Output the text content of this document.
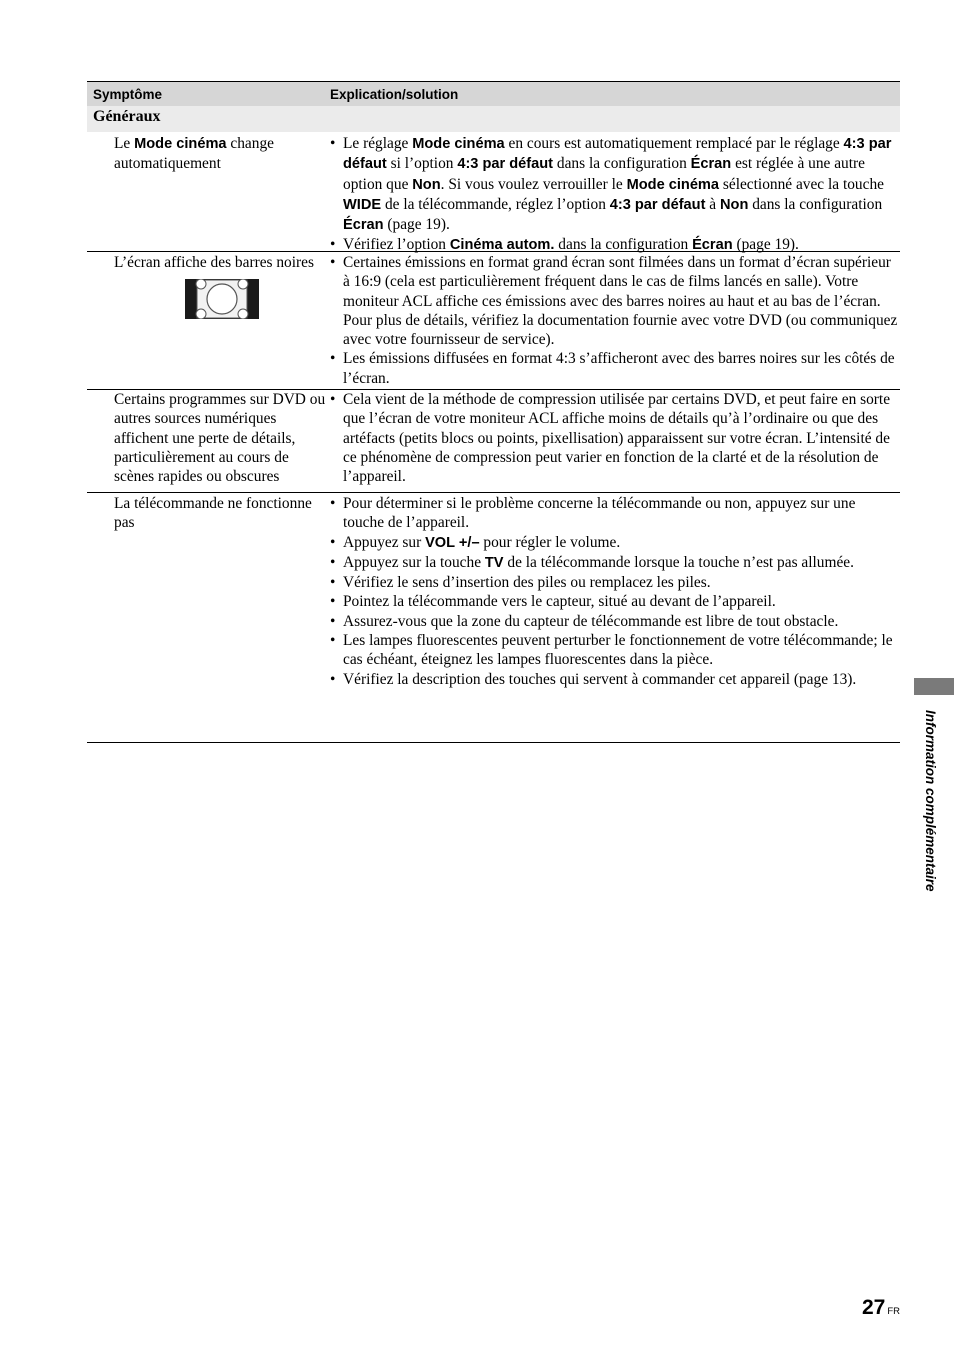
Symptôme	Explication/solution
Généraux
Le Mode cinéma change automatiquement
• Le réglage Mode cinéma en cours est automatiquement remplacé par le réglage 4:3 par défaut si l’option 4:3 par défaut dans la configuration Écran est réglée à une autre option que Non. Si vous voulez verrouiller le Mode cinéma sélectionné avec la touche WIDE de la télécommande, réglez l’option 4:3 par défaut à Non dans la configuration Écran (page 19).
• Vérifiez l’option Cinéma autom. dans la configuration Écran (page 19).
L’écran affiche des barres noires
•	Certaines émissions en format grand écran sont filmées dans un format d’écran supérieur à 16:9 (cela est particulièrement fréquent dans le cas de films lancés en salle). Votre moniteur ACL affiche ces émissions avec des barres noires au haut et au bas de l’écran. Pour plus de détails, vérifiez la documentation fournie avec votre DVD (ou communiquez avec votre fournisseur de service).
• Les émissions diffusées en format 4:3 s’afficheront avec des barres noires sur les côtés de l’écran.
Certains programmes sur DVD ou autres sources numériques affichent une perte de détails, particulièrement au cours de scènes rapides ou obscures
• Cela vient de la méthode de compression utilisée par certains DVD, et peut faire en sorte que l’écran de votre moniteur ACL affiche moins de détails qu’à l’ordinaire ou que des artéfacts (petits blocs ou points, pixellisation) apparaissent sur votre écran. L’intensité de ce phénomène de compression peut varier en fonction de la clarté et de la résolution de l’appareil.
La télécommande ne fonctionne pas
• Pour déterminer si le problème concerne la télécommande ou non, appuyez sur une touche de l’appareil.
• Appuyez sur VOL +/– pour régler le volume.
• Appuyez sur la touche TV de la télécommande lorsque la touche n’est pas allumée.
• Vérifiez le sens d’insertion des piles ou remplacez les piles.
• Pointez la télécommande vers le capteur, situé au devant de l’appareil.
• Assurez-vous que la zone du capteur de télécommande est libre de tout obstacle.
• Les lampes fluorescentes peuvent perturber le fonctionnement de votre télécommande; le cas échéant, éteignez les lampes fluorescentes dans la pièce.
• Vérifiez la description des touches qui servent à commander cet appareil (page 13).
Information complémentaire
27 FR
